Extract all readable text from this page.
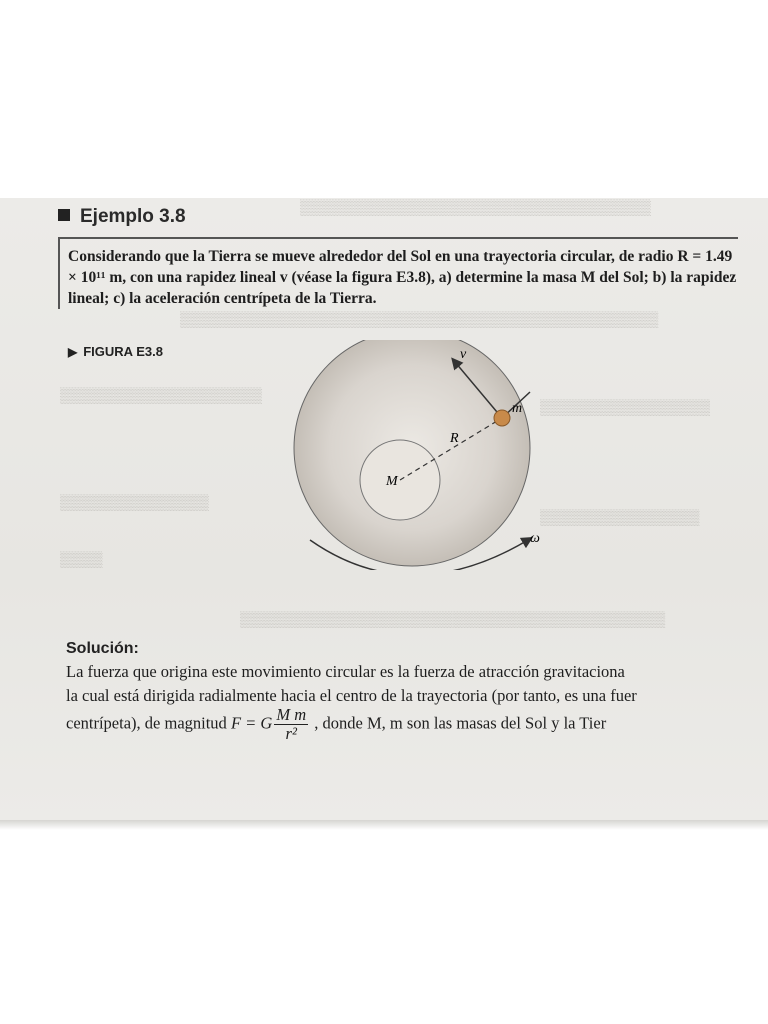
▒▒▒▒▒▒▒▒▒▒▒▒▒▒▒▒▒▒▒▒▒▒▒▒▒▒▒▒▒▒▒▒▒
▒▒▒▒▒▒▒▒▒▒▒▒▒▒▒▒▒▒▒▒▒▒▒▒▒▒▒▒▒▒▒▒▒▒▒▒▒▒▒▒▒▒▒▒▒
▒▒▒▒▒▒▒▒▒▒▒▒▒▒▒▒▒▒▒
▒▒▒▒▒▒▒▒▒▒▒▒▒▒▒▒
▒▒▒▒▒▒▒▒▒▒▒▒▒▒
▒▒▒▒▒▒▒▒▒▒▒▒▒▒▒
▒▒▒▒
▒▒▒▒▒▒▒▒▒▒▒▒▒▒▒▒▒▒▒▒▒▒▒▒▒▒▒▒▒▒▒▒▒▒▒▒▒▒▒▒
Ejemplo 3.8

Considerando que la Tierra se mueve alrededor del Sol en una trayectoria circular, de radio R = 1.49 × 10¹¹ m, con una rapidez lineal v (véase la figura E3.8), a) determine la masa M del Sol; b) la rapidez lineal; c) la aceleración centrípeta de la Tierra.

▶ FIGURA E3.8	v
m
R
M
ω
Solución:

La fuerza que origina este movimiento circular es la fuerza de atracción gravitaciona

la cual está dirigida radialmente hacia el centro de la trayectoria (por tanto, es una fuer

centrípeta), de magnitud F = G $\frac{\text{M m}}{\text{r²}}$ , donde M, m son las masas del Sol y la Tier
